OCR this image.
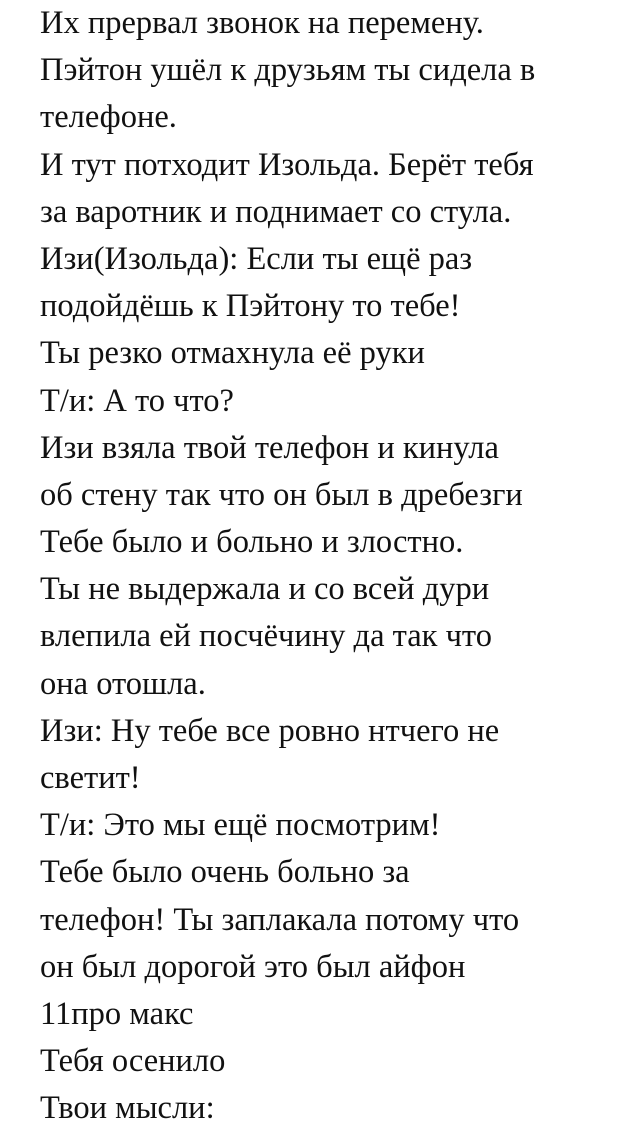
Их прервал звонок на перемену.
Пэйтон ушёл к друзьям ты сидела в
телефоне.
И тут потходит Изольда. Берёт тебя
за варотник и поднимает со стула.
Изи(Изольда): Если ты ещё раз
подойдёшь к Пэйтону то тебе!
Ты резко отмахнула её руки
Т/и: А то что?
Изи взяла твой телефон и кинула
об стену так что он был в дребезги
Тебе было и больно и злостно.
Ты не выдержала и со всей дури
влепила ей посчёчину да так что
она отошла.
Изи: Ну тебе все ровно нтчего не
светит!
Т/и: Это мы ещё посмотрим!
Тебе было очень больно за
телефон! Ты заплакала потому что
он был дорогой это был айфон
11про макс
Тебя осенило
Твои мысли:
